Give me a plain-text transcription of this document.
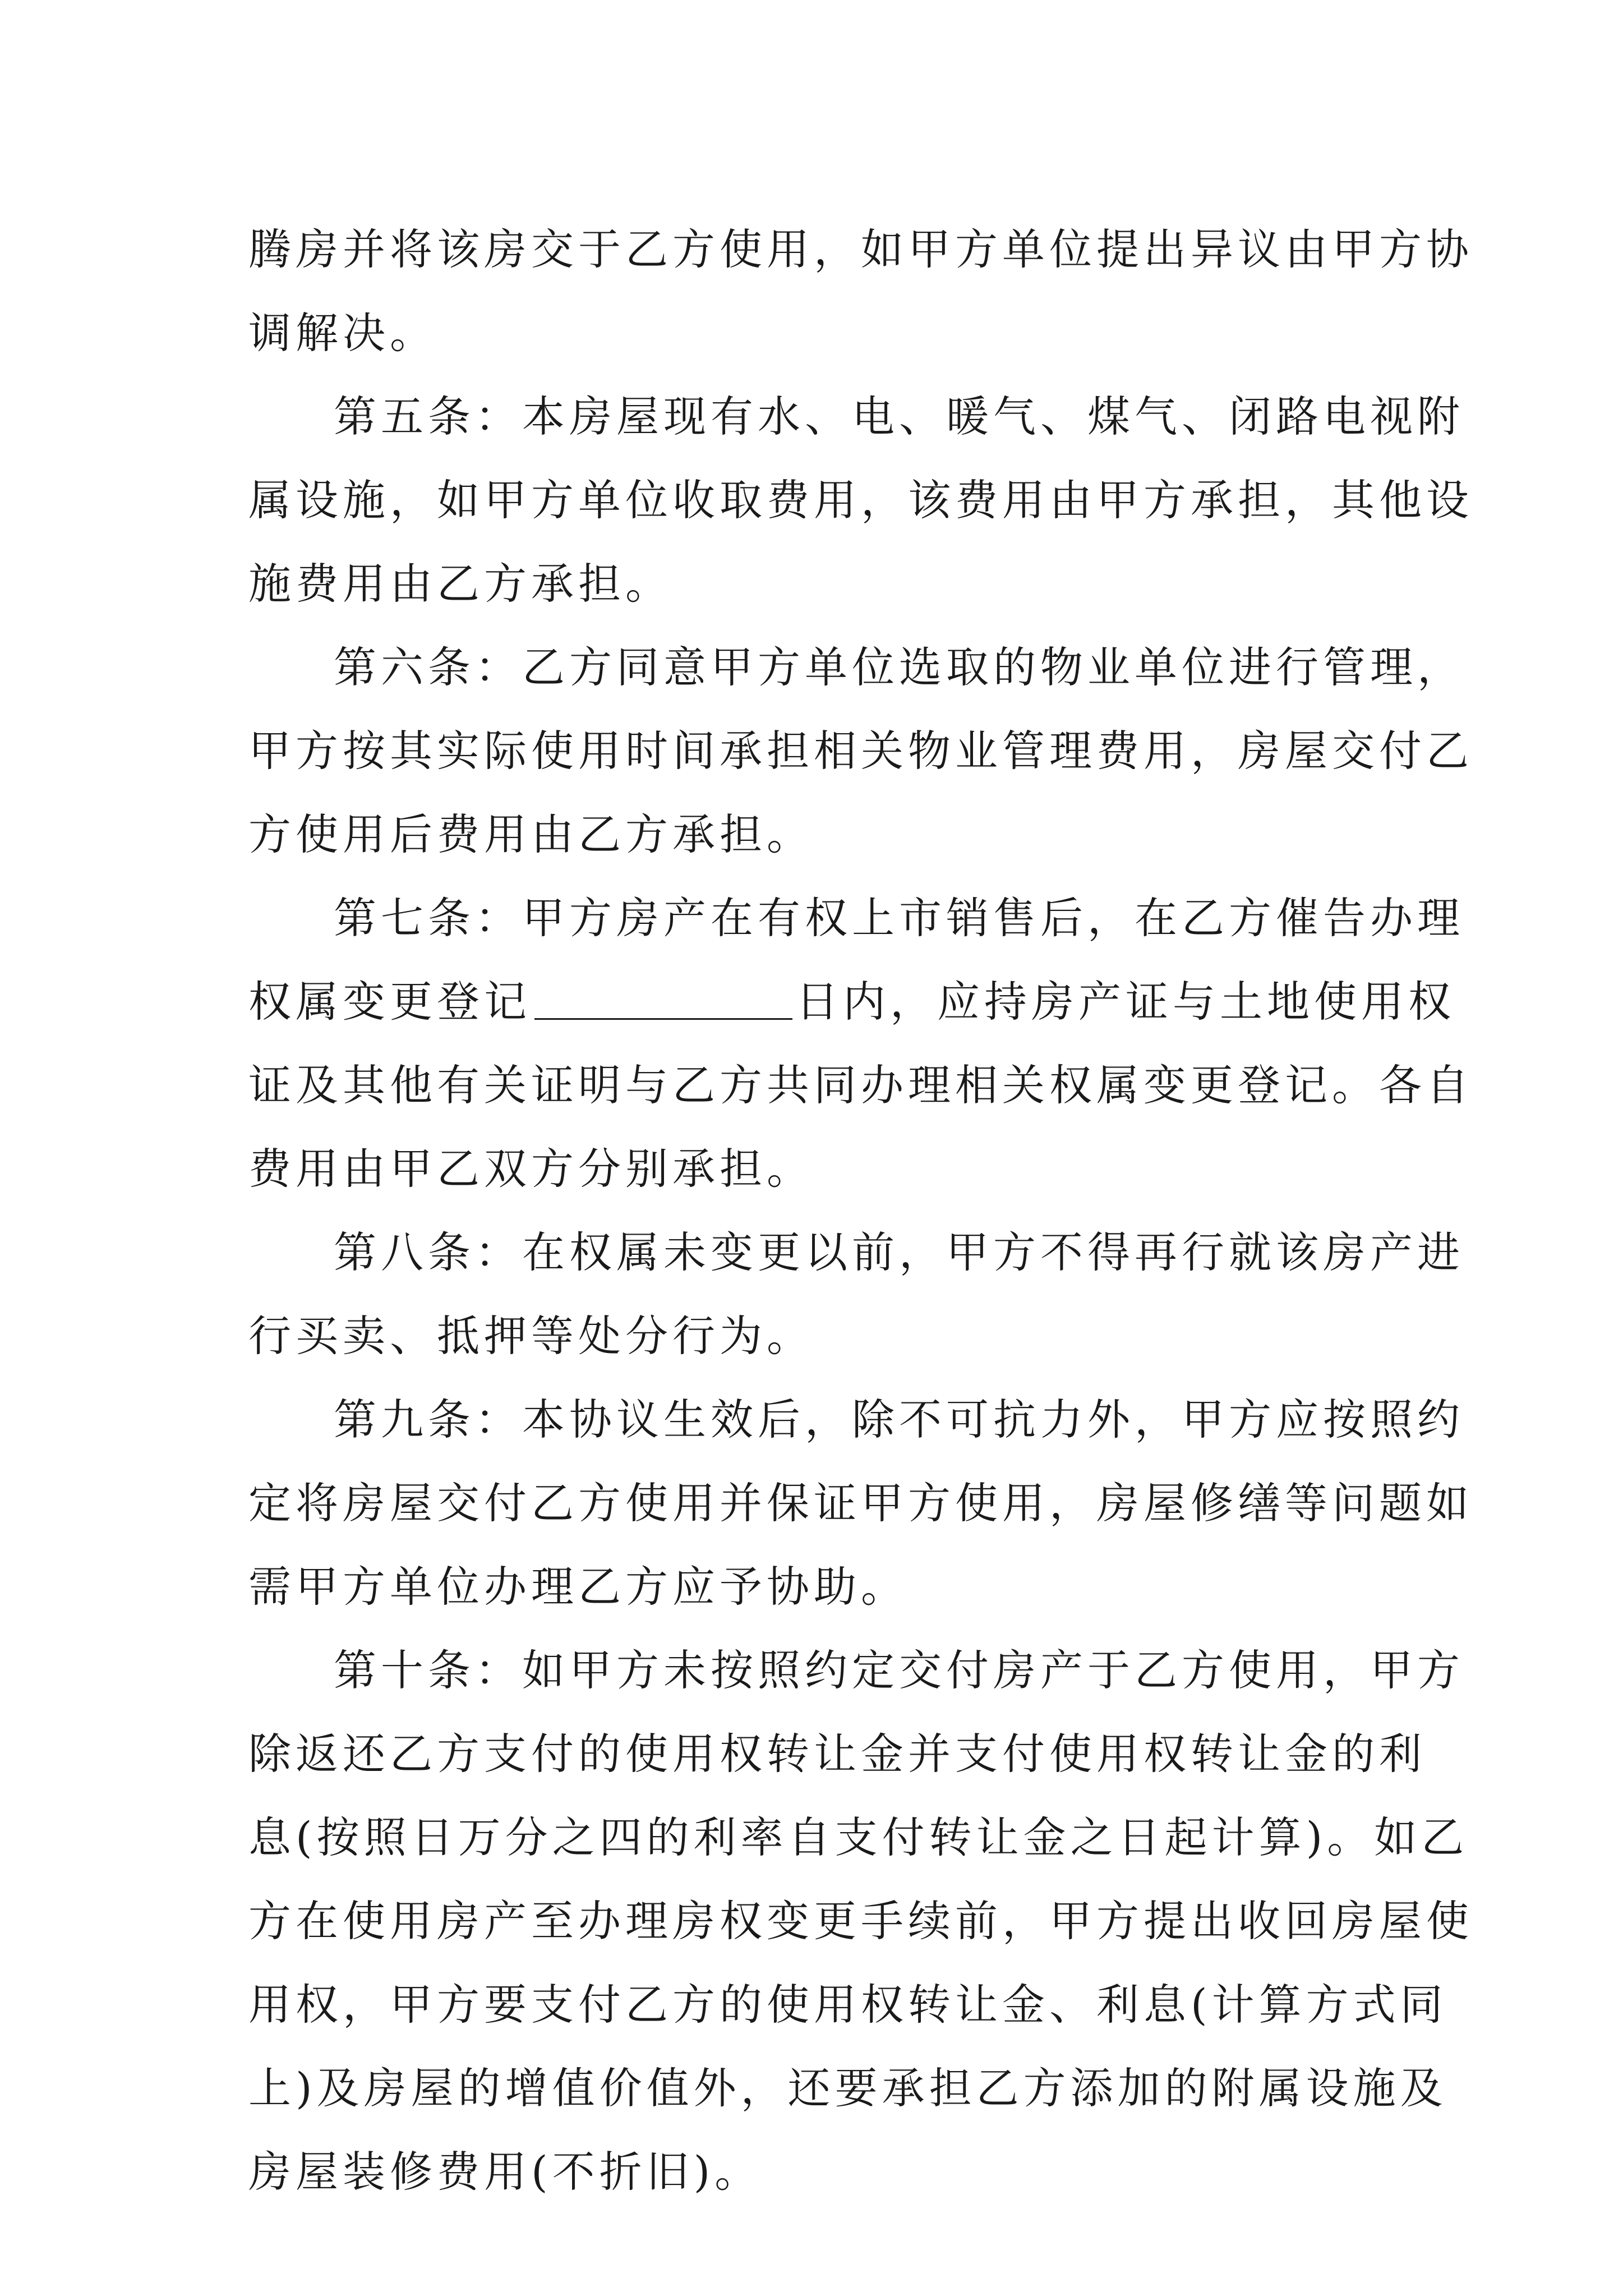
腾房并将该房交于乙方使用，如甲方单位提出异议由甲方协
调解决。
第五条：本房屋现有水、电、暖气、煤气、闭路电视附
属设施，如甲方单位收取费用，该费用由甲方承担，其他设
施费用由乙方承担。
第六条：乙方同意甲方单位选取的物业单位进行管理，
甲方按其实际使用时间承担相关物业管理费用，房屋交付乙
方使用后费用由乙方承担。
第七条：甲方房产在有权上市销售后，在乙方催告办理
权属变更登记	日内，应持房产证与土地使用权
证及其他有关证明与乙方共同办理相关权属变更登记。各自
费用由甲乙双方分别承担。
第八条：在权属未变更以前，甲方不得再行就该房产进
行买卖、抵押等处分行为。
第九条：本协议生效后，除不可抗力外，甲方应按照约
定将房屋交付乙方使用并保证甲方使用，房屋修缮等问题如
需甲方单位办理乙方应予协助。
第十条：如甲方未按照约定交付房产于乙方使用，甲方
除返还乙方支付的使用权转让金并支付使用权转让金的利
息(按照日万分之四的利率自支付转让金之日起计算)。如乙
方在使用房产至办理房权变更手续前，甲方提出收回房屋使
用权，甲方要支付乙方的使用权转让金、利息(计算方式同
上)及房屋的增值价值外，还要承担乙方添加的附属设施及
房屋装修费用(不折旧)。
